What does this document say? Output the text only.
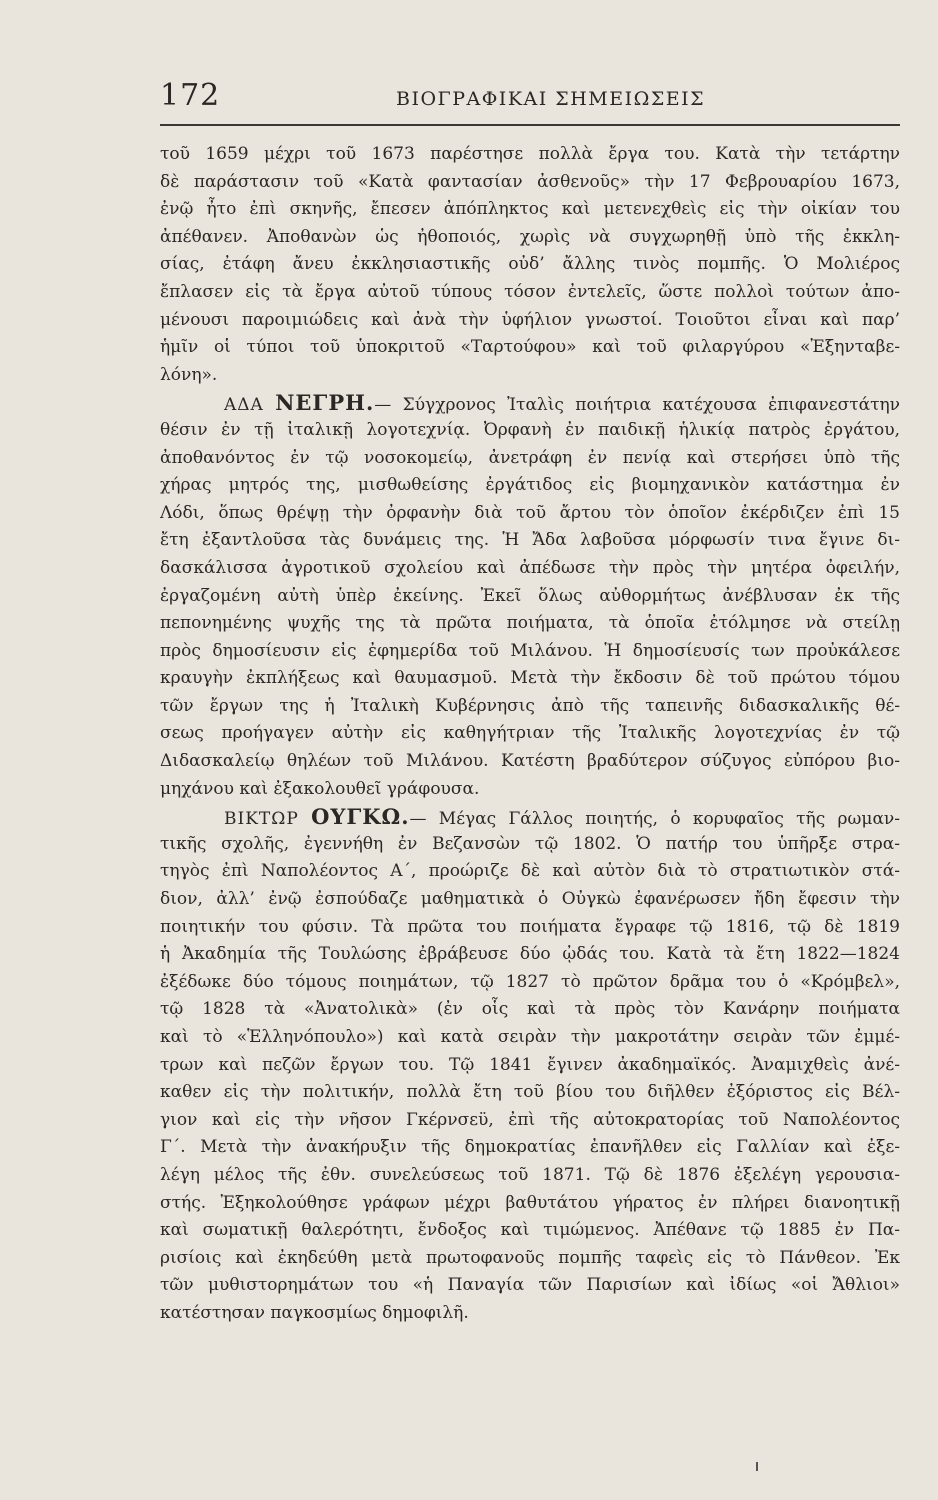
172	ΒΙΟΓΡΑΦΙΚΑΙ ΣΗΜΕΙΩΣΕΙΣ
τοῦ 1659 μέχρι τοῦ 1673 παρέστησε πολλὰ ἔργα του. Κατὰ τὴν τετάρτην
δὲ παράστασιν τοῦ «Κατὰ φαντασίαν ἀσθενοῦς» τὴν 17 Φεβρουαρίου 1673,
ἐνῷ ἦτο ἐπὶ σκηνῆς, ἔπεσεν ἀπόπληκτος καὶ μετενεχθεὶς εἰς τὴν οἰκίαν του
ἀπέθανεν. Ἀποθανὼν ὡς ἠθοποιός, χωρὶς νὰ συγχωρηθῇ ὑπὸ τῆς ἐκκλη-
σίας, ἐτάφη ἄνευ ἐκκλησιαστικῆς οὐδ’ ἄλλης τινὸς πομπῆς. Ὁ Μολιέρος
ἔπλασεν εἰς τὰ ἔργα αὐτοῦ τύπους τόσον ἐντελεῖς, ὥστε πολλοὶ τούτων ἀπο-
μένουσι παροιμιώδεις καὶ ἀνὰ τὴν ὑφήλιον γνωστοί. Τοιοῦτοι εἶναι καὶ παρ’
ἡμῖν οἱ τύποι τοῦ ὑποκριτοῦ «Ταρτούφου» καὶ τοῦ φιλαργύρου «Ἐξηνταβε-
λόνη».
ΑΔΑ ΝΕΓΡΗ.— Σύγχρονος Ἰταλὶς ποιήτρια κατέχουσα ἐπιφανεστάτην
θέσιν ἐν τῇ ἰταλικῇ λογοτεχνίᾳ. Ὀρφανὴ ἐν παιδικῇ ἡλικίᾳ πατρὸς ἐργάτου,
ἀποθανόντος ἐν τῷ νοσοκομείῳ, ἀνετράφη ἐν πενίᾳ καὶ στερήσει ὑπὸ τῆς
χήρας μητρός της, μισθωθείσης ἐργάτιδος εἰς βιομηχανικὸν κατάστημα ἐν
Λόδι, ὅπως θρέψῃ τὴν ὀρφανὴν διὰ τοῦ ἄρτου τὸν ὁποῖον ἐκέρδιζεν ἐπὶ 15
ἔτη ἐξαντλοῦσα τὰς δυνάμεις της. Ἡ Ἄδα λαβοῦσα μόρφωσίν τινα ἔγινε δι-
δασκάλισσα ἀγροτικοῦ σχολείου καὶ ἀπέδωσε τὴν πρὸς τὴν μητέρα ὀφειλήν,
ἐργαζομένη αὐτὴ ὑπὲρ ἐκείνης. Ἐκεῖ ὅλως αὐθορμήτως ἀνέβλυσαν ἐκ τῆς
πεπονημένης ψυχῆς της τὰ πρῶτα ποιήματα, τὰ ὁποῖα ἐτόλμησε νὰ στείλῃ
πρὸς δημοσίευσιν εἰς ἐφημερίδα τοῦ Μιλάνου. Ἡ δημοσίευσίς των προὐκάλεσε
κραυγὴν ἐκπλήξεως καὶ θαυμασμοῦ. Μετὰ τὴν ἔκδοσιν δὲ τοῦ πρώτου τόμου
τῶν ἔργων της ἡ Ἰταλικὴ Κυβέρνησις ἀπὸ τῆς ταπεινῆς διδασκαλικῆς θέ-
σεως προήγαγεν αὐτὴν εἰς καθηγήτριαν τῆς Ἰταλικῆς λογοτεχνίας ἐν τῷ
Διδασκαλείῳ θηλέων τοῦ Μιλάνου. Κατέστη βραδύτερον σύζυγος εὐπόρου βιο-
μηχάνου καὶ ἐξακολουθεῖ γράφουσα.
ΒΙΚΤΩΡ ΟΥΓΚΩ.— Μέγας Γάλλος ποιητής, ὁ κορυφαῖος τῆς ρωμαν-
τικῆς σχολῆς, ἐγεννήθη ἐν Βεζανσὼν τῷ 1802. Ὁ πατήρ του ὑπῆρξε στρα-
τηγὸς ἐπὶ Ναπολέοντος Α΄, προώριζε δὲ καὶ αὐτὸν διὰ τὸ στρατιωτικὸν στά-
διον, ἀλλ’ ἐνῷ ἐσπούδαζε μαθηματικὰ ὁ Οὐγκὼ ἐφανέρωσεν ἤδη ἔφεσιν τὴν
ποιητικήν του φύσιν. Τὰ πρῶτα του ποιήματα ἔγραφε τῷ 1816, τῷ δὲ 1819
ἡ Ἀκαδημία τῆς Τουλώσης ἐβράβευσε δύο ᾠδάς του. Κατὰ τὰ ἔτη 1822—1824
ἐξέδωκε δύο τόμους ποιημάτων, τῷ 1827 τὸ πρῶτον δρᾶμα του ὁ «Κρόμβελ»,
τῷ 1828 τὰ «Ἀνατολικὰ» (ἐν οἷς καὶ τὰ πρὸς τὸν Κανάρην ποιήματα
καὶ τὸ «Ἑλληνόπουλο») καὶ κατὰ σειρὰν τὴν μακροτάτην σειρὰν τῶν ἐμμέ-
τρων καὶ πεζῶν ἔργων του. Τῷ 1841 ἔγινεν ἀκαδημαϊκός. Ἀναμιχθεὶς ἀνέ-
καθεν εἰς τὴν πολιτικήν, πολλὰ ἔτη τοῦ βίου του διῆλθεν ἐξόριστος εἰς Βέλ-
γιον καὶ εἰς τὴν νῆσον Γκέρνσεϋ, ἐπὶ τῆς αὐτοκρατορίας τοῦ Ναπολέοντος
Γ΄. Μετὰ τὴν ἀνακήρυξιν τῆς δημοκρατίας ἐπανῆλθεν εἰς Γαλλίαν καὶ ἐξε-
λέγη μέλος τῆς ἐθν. συνελεύσεως τοῦ 1871. Τῷ δὲ 1876 ἐξελέγη γερουσια-
στής. Ἐξηκολούθησε γράφων μέχρι βαθυτάτου γήρατος ἐν πλήρει διανοητικῇ
καὶ σωματικῇ θαλερότητι, ἔνδοξος καὶ τιμώμενος. Ἀπέθανε τῷ 1885 ἐν Πα-
ρισίοις καὶ ἐκηδεύθη μετὰ πρωτοφανοῦς πομπῆς ταφεὶς εἰς τὸ Πάνθεον. Ἐκ
τῶν μυθιστορημάτων του «ἡ Παναγία τῶν Παρισίων καὶ ἰδίως «οἱ Ἄθλιοι»
κατέστησαν παγκοσμίως δημοφιλῆ.
